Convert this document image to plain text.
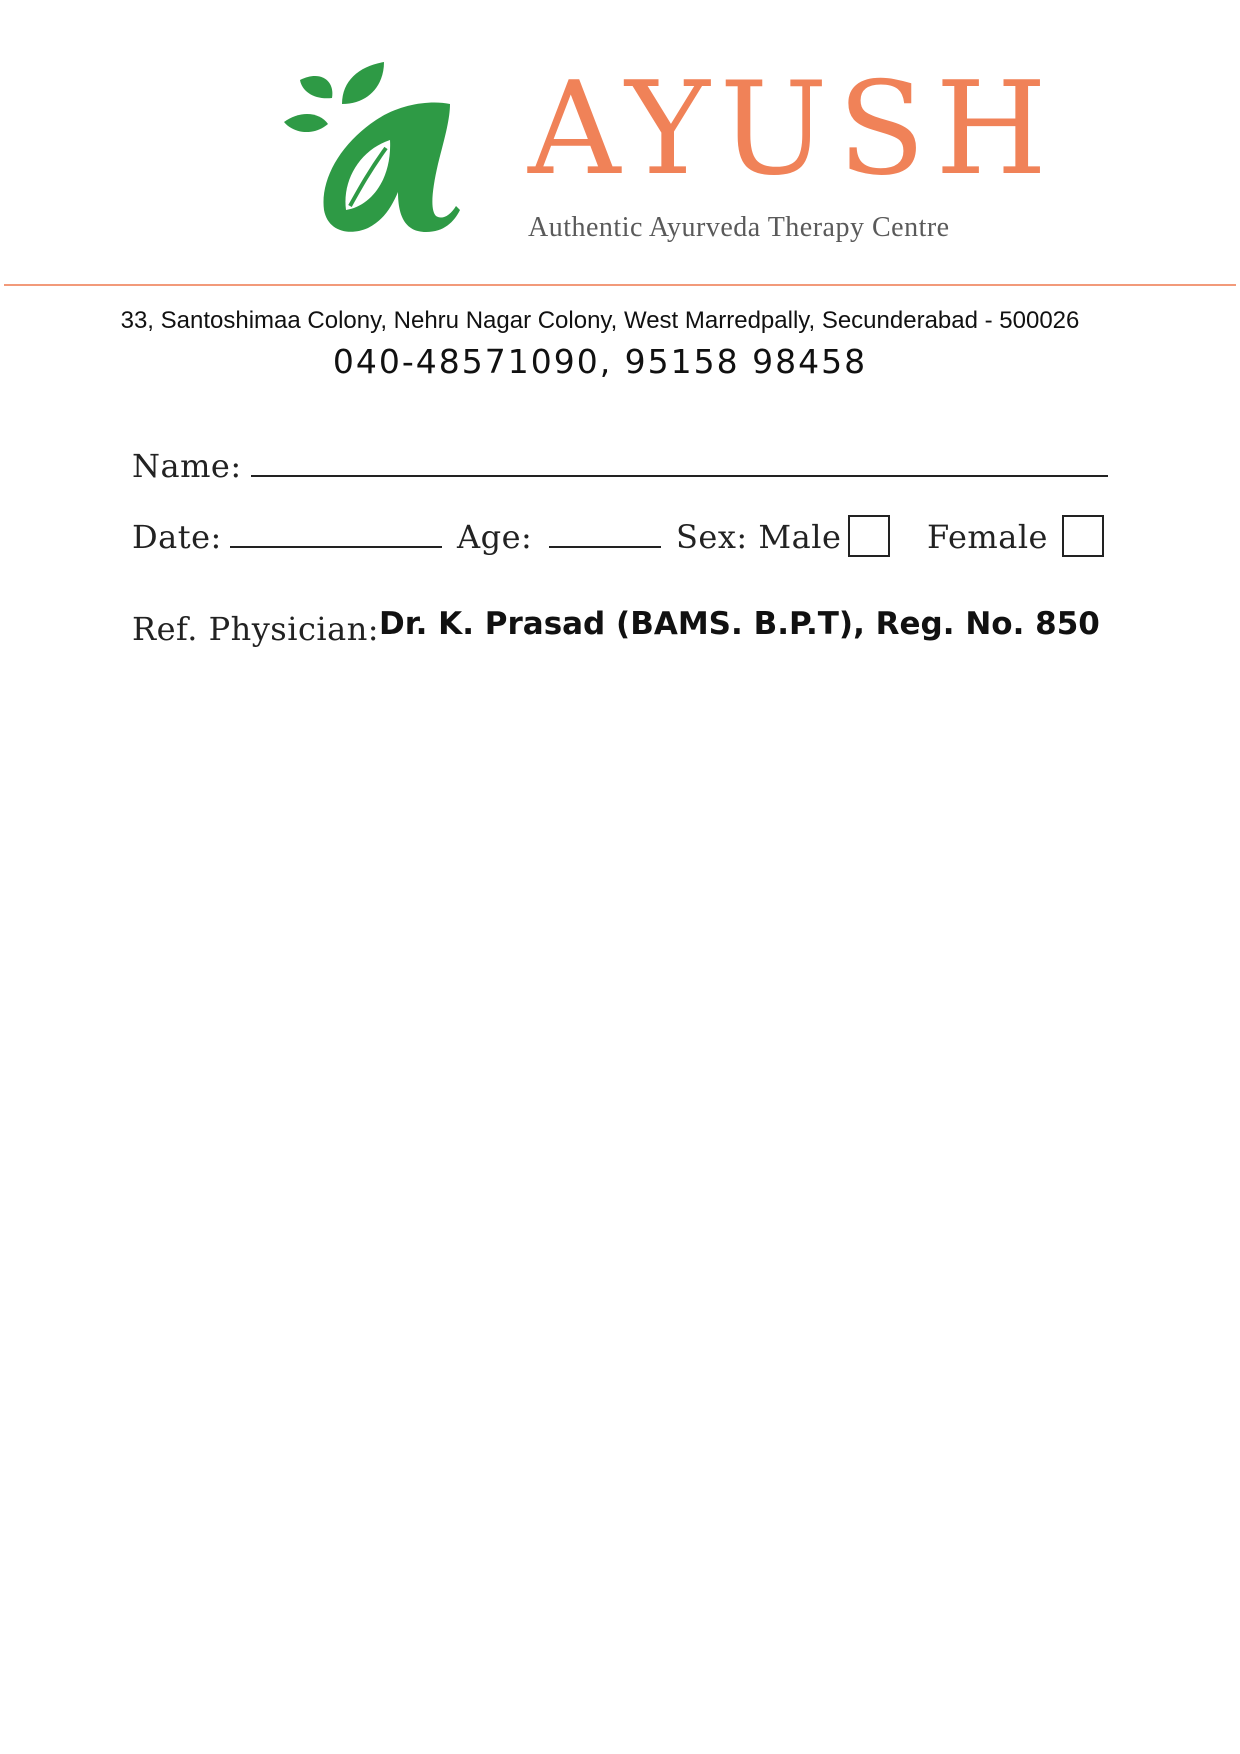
AYUSH
Authentic Ayurveda Therapy Centre
33, Santoshimaa Colony, Nehru Nagar Colony, West Marredpally, Secunderabad - 500026
040-48571090, 95158 98458
Name:
Date:	Age:	Sex: Male	Female
Ref. Physician: Dr. K. Prasad (BAMS. B.P.T), Reg. No. 850
